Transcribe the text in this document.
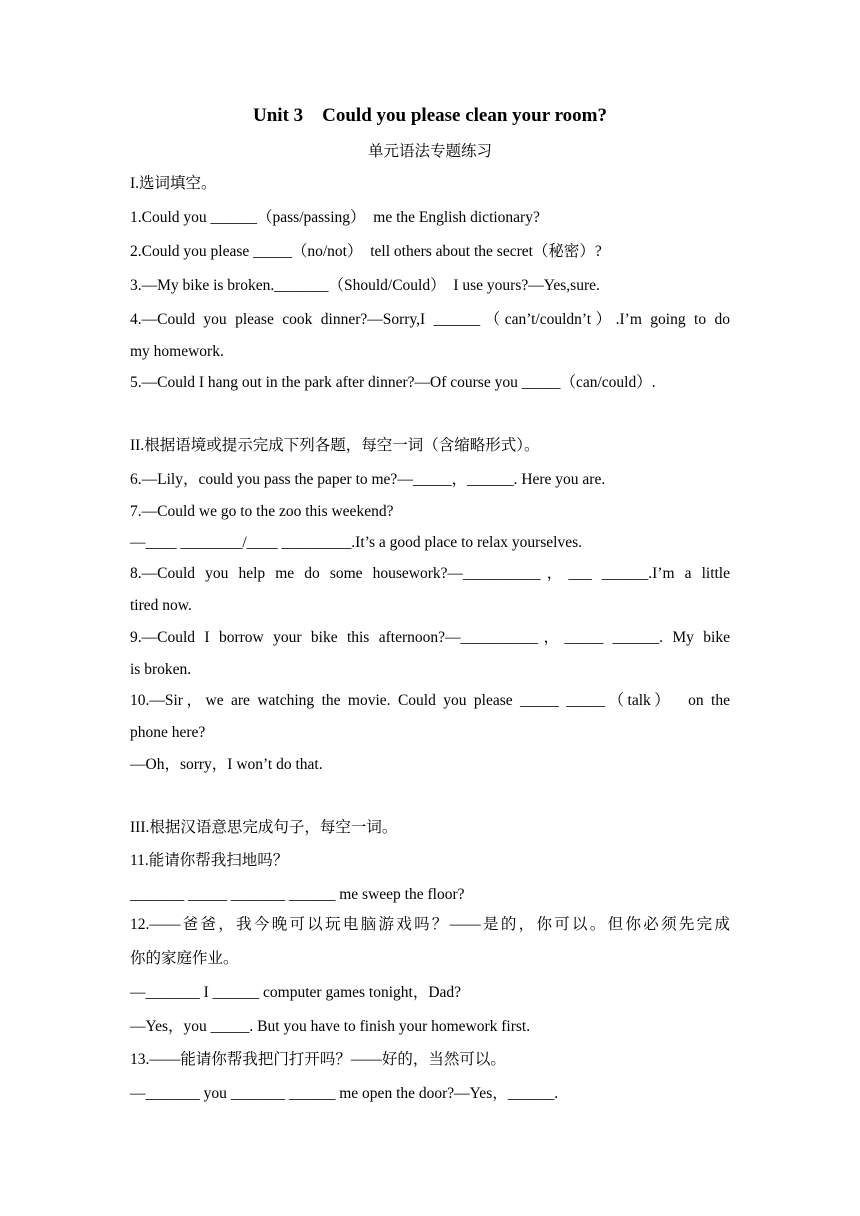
Unit 3    Could you please clean your room?
单元语法专题练习
I.选词填空。
1.Could you ______（pass/passing）  me the English dictionary?
2.Could you please _____（no/not）  tell others about the secret（秘密）?
3.—My bike is broken._______（Should/Could）  I use yours?—Yes,sure.
4.—Could you please cook dinner?—Sorry,I ______（can’t/couldn’t）.I’m going to do
my homework.
5.—Could I hang out in the park after dinner?—Of course you _____（can/could）.
II.根据语境或提示完成下列各题，每空一词（含缩略形式）。
6.—Lily，could you pass the paper to me?—_____，______. Here you are.
7.—Could we go to the zoo this weekend?
—____ ________/____ _________.It’s a good place to relax yourselves.
8.—Could you help me do some housework?—__________，___ ______.I’m a little
tired now.
9.—Could I borrow your bike this afternoon?—__________，_____ ______. My bike
is broken.
10.—Sir，we are watching the movie. Could you please _____ _____（talk）  on the
phone here?
—Oh，sorry，I won’t do that.
III.根据汉语意思完成句子，每空一词。
11.能请你帮我扫地吗？
_______ _____ _______ ______ me sweep the floor?
12.——爸爸，我今晚可以玩电脑游戏吗？——是的，你可以。但你必须先完成
你的家庭作业。
—_______ I ______ computer games tonight，Dad?
—Yes，you _____. But you have to finish your homework first.
13.——能请你帮我把门打开吗？——好的，当然可以。
—_______ you _______ ______ me open the door?—Yes，______.
